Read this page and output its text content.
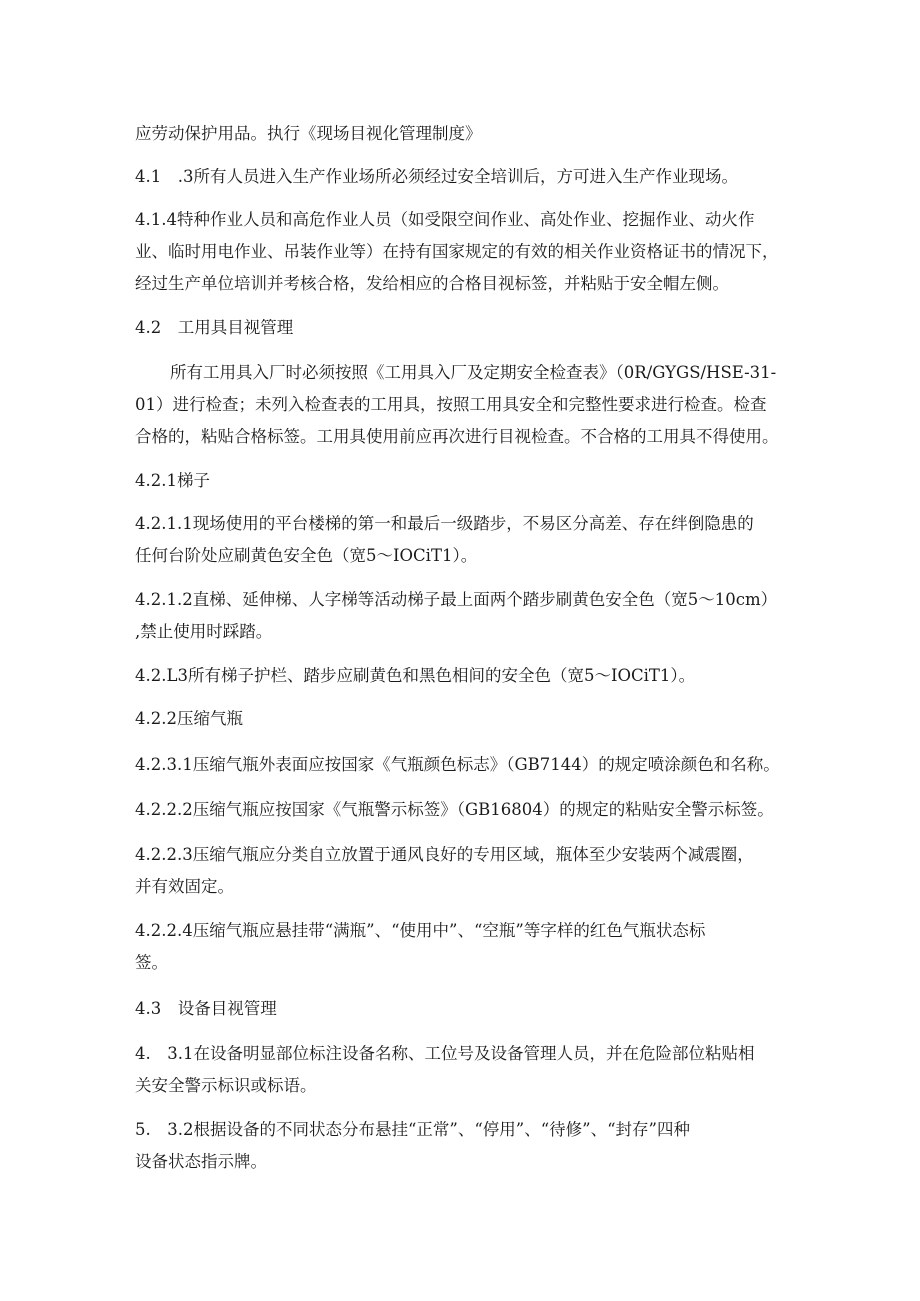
应劳动保护用品。执行《现场目视化管理制度》

4.1　.3所有人员进入生产作业场所必须经过安全培训后，方可进入生产作业现场。

4.1.4特种作业人员和高危作业人员（如受限空间作业、高处作业、挖掘作业、动火作
业、临时用电作业、吊装作业等）在持有国家规定的有效的相关作业资格证书的情况下，
经过生产单位培训并考核合格，发给相应的合格目视标签，并粘贴于安全帽左侧。

4.2　工用具目视管理

所有工用具入厂时必须按照《工用具入厂及定期安全检查表》（0R/GYGS/HSE-31-
01）进行检查；未列入检查表的工用具，按照工用具安全和完整性要求进行检查。检查
合格的，粘贴合格标签。工用具使用前应再次进行目视检查。不合格的工用具不得使用。

4.2.1梯子

4.2.1.1现场使用的平台楼梯的第一和最后一级踏步，不易区分高差、存在绊倒隐患的
任何台阶处应刷黄色安全色（宽5～IOCiT1）。

4.2.1.2直梯、延伸梯、人字梯等活动梯子最上面两个踏步刷黄色安全色（宽5～10cm）
,禁止使用时踩踏。

4.2.L3所有梯子护栏、踏步应刷黄色和黑色相间的安全色（宽5～IOCiT1）。

4.2.2压缩气瓶

4.2.3.1压缩气瓶外表面应按国家《气瓶颜色标志》（GB7144）的规定喷涂颜色和名称。

4.2.2.2压缩气瓶应按国家《气瓶警示标签》（GB16804）的规定的粘贴安全警示标签。

4.2.2.3压缩气瓶应分类自立放置于通风良好的专用区域，瓶体至少安装两个减震圈，
并有效固定。

4.2.2.4压缩气瓶应悬挂带“满瓶”、“使用中”、“空瓶”等字样的红色气瓶状态标
签。

4.3　设备目视管理

4.　3.1在设备明显部位标注设备名称、工位号及设备管理人员，并在危险部位粘贴相
关安全警示标识或标语。

5.　3.2根据设备的不同状态分布悬挂“正常”、“停用”、“待修”、“封存”四种
设备状态指示牌。
